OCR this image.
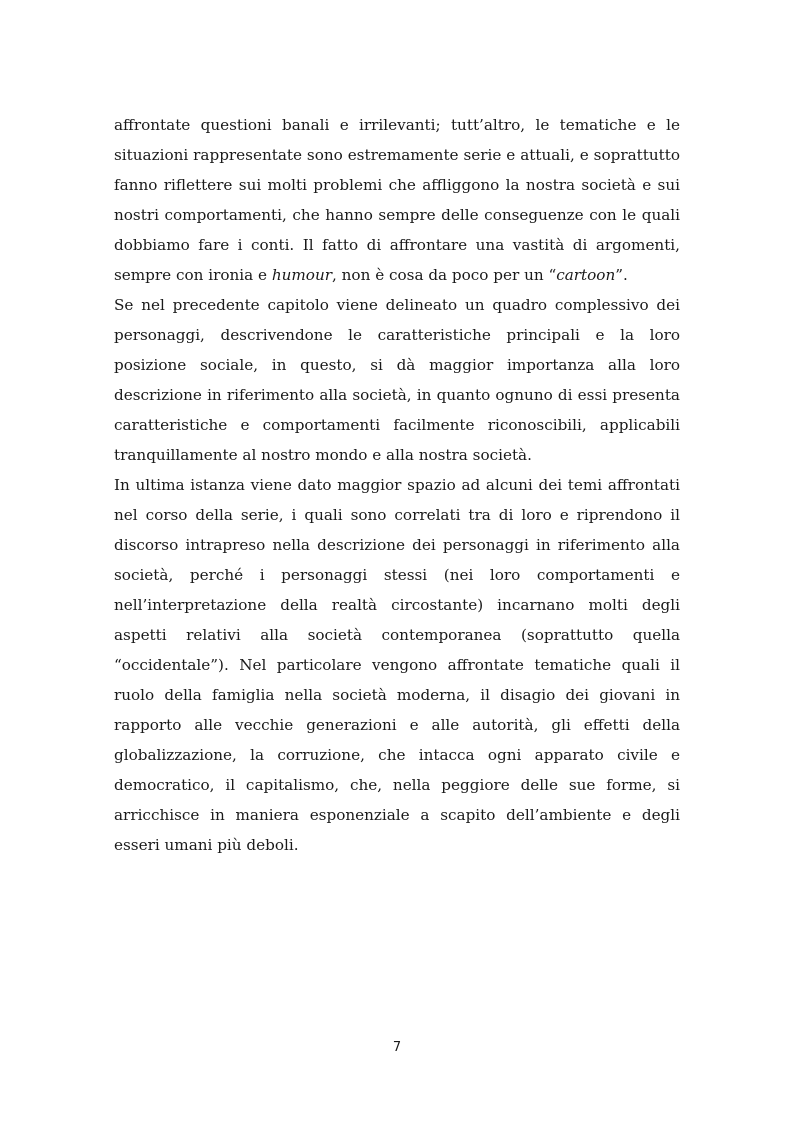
affrontate questioni banali e irrilevanti; tutt’altro, le tematiche e le situazioni rappresentate sono estremamente serie e attuali, e soprattutto fanno riflettere sui molti problemi che affliggono la nostra società e sui nostri comportamenti, che hanno sempre delle conseguenze con le quali dobbiamo fare i conti. Il fatto di affrontare una vastità di argomenti, sempre con ironia e humour, non è cosa da poco per un “cartoon”.

Se nel precedente capitolo viene delineato un quadro complessivo dei personaggi, descrivendone le caratteristiche principali e la loro posizione sociale, in questo, si dà maggior importanza alla loro descrizione in riferimento alla società, in quanto ognuno di essi presenta caratteristiche e comportamenti facilmente riconoscibili, applicabili tranquillamente al nostro mondo e alla nostra società.

In ultima istanza viene dato maggior spazio ad alcuni dei temi affrontati nel corso della serie, i quali sono correlati tra di loro e riprendono il discorso intrapreso nella descrizione dei personaggi in riferimento alla società, perché i personaggi stessi (nei loro comportamenti e nell’interpretazione della realtà circostante) incarnano molti degli aspetti relativi alla società contemporanea (soprattutto quella “occidentale”). Nel particolare vengono affrontate tematiche quali il ruolo della famiglia nella società moderna, il disagio dei giovani in rapporto alle vecchie generazioni e alle autorità, gli effetti della globalizzazione, la corruzione, che intacca ogni apparato civile e democratico, il capitalismo, che, nella peggiore delle sue forme, si arricchisce in maniera esponenziale a scapito dell’ambiente e degli esseri umani più deboli.

7
